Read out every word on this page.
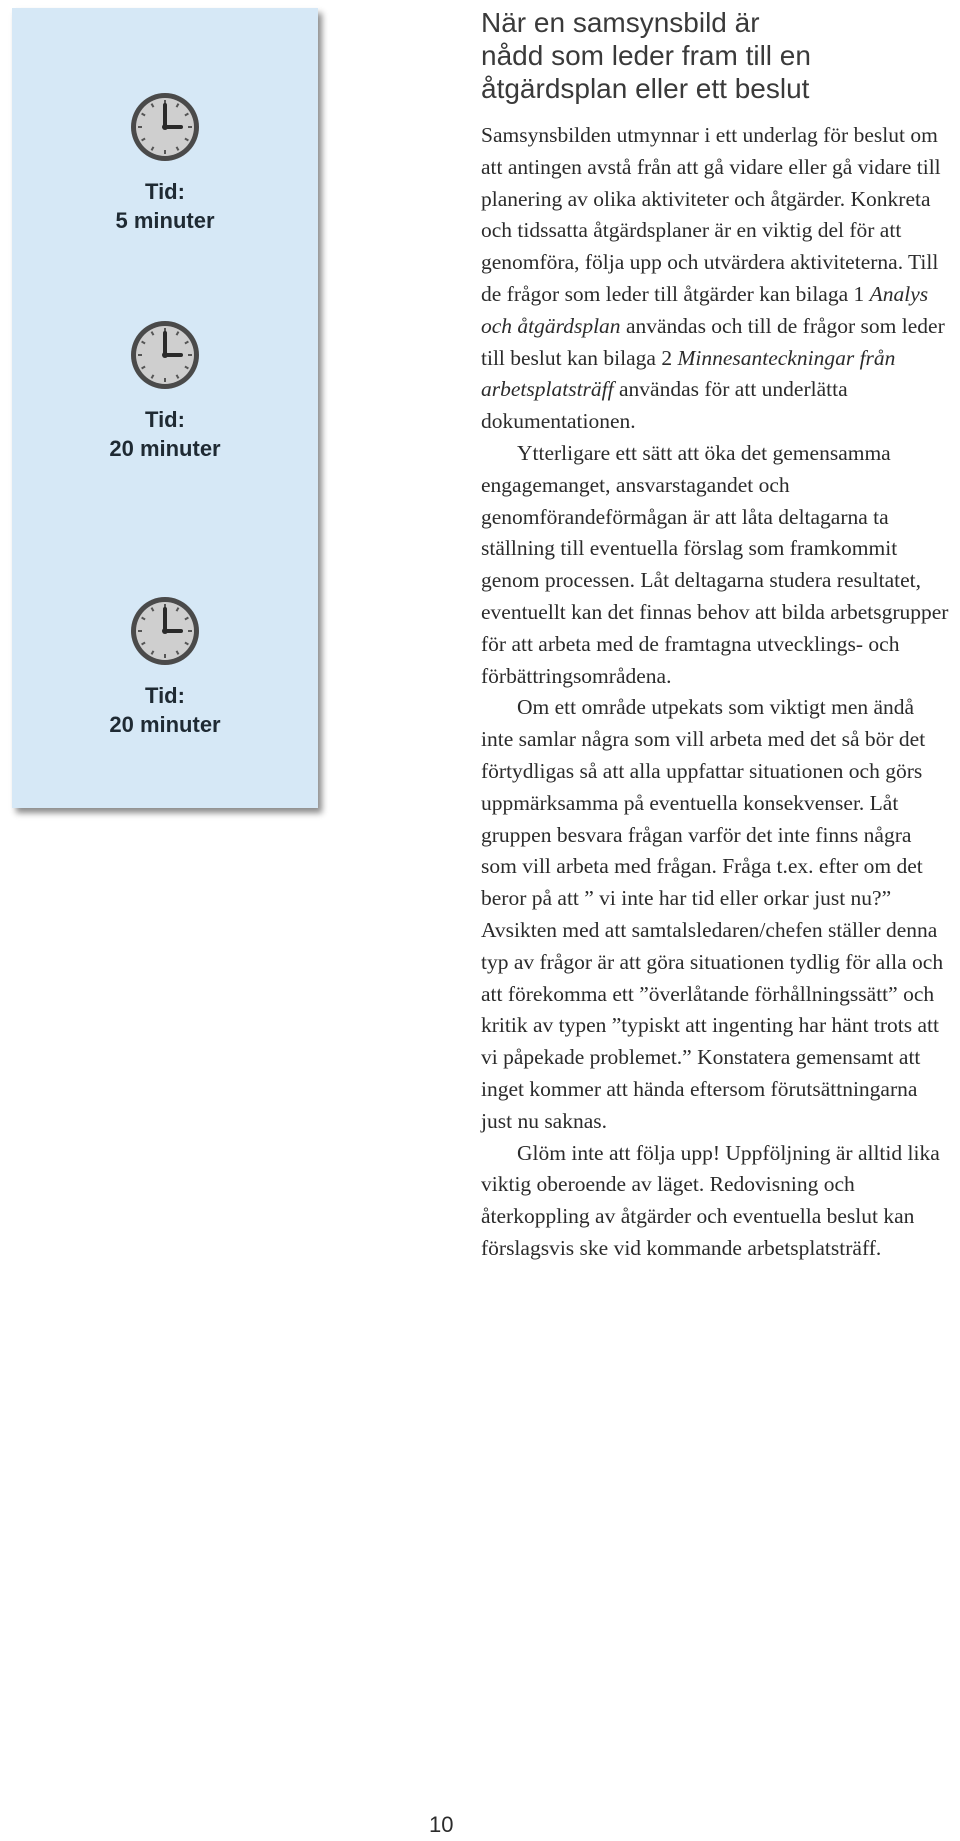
Tid:
5 minuter
Tid:
20 minuter
Tid:
20 minuter
När en samsynsbild är
nådd som leder fram till en
åtgärdsplan eller ett beslut

Samsynsbilden utmynnar i ett underlag för beslut om att antingen avstå från att gå vidare eller gå vidare till planering av olika aktiviteter och åtgärder. Konkreta och tidssatta åtgärdsplaner är en viktig del för att genomföra, följa upp och utvärdera aktiviteterna. Till de frågor som leder till åtgärder kan bilaga 1 Analys och åtgärdsplan användas och till de frågor som leder till beslut kan bilaga 2 Minnesanteckningar från arbetsplatsträff användas för att underlätta dokumentationen.

Ytterligare ett sätt att öka det gemensamma engagemanget, ansvarstagandet och genomförandeförmågan är att låta deltagarna ta ställning till eventuella förslag som framkommit genom processen. Låt deltagarna studera resultatet, eventuellt kan det finnas behov att bilda arbetsgrupper för att arbeta med de framtagna utvecklings- och förbättringsområdena.

Om ett område utpekats som viktigt men ändå inte samlar några som vill arbeta med det så bör det förtydligas så att alla uppfattar situationen och görs uppmärksamma på eventuella konsekvenser. Låt gruppen besvara frågan varför det inte finns några som vill arbeta med frågan. Fråga t.ex. efter om det beror på att ” vi inte har tid eller orkar just nu?” Avsikten med att samtalsledaren/chefen ställer denna typ av frågor är att göra situationen tydlig för alla och att förekomma ett ”överlåtande förhållningssätt” och kritik av typen ”typiskt att ingenting har hänt trots att vi påpekade problemet.” Konstatera gemensamt att inget kommer att hända eftersom förutsättningarna just nu saknas.

Glöm inte att följa upp! Uppföljning är alltid lika viktig oberoende av läget. Redovisning och återkoppling av åtgärder och eventuella beslut kan förslagsvis ske vid kommande arbetsplatsträff.

10
